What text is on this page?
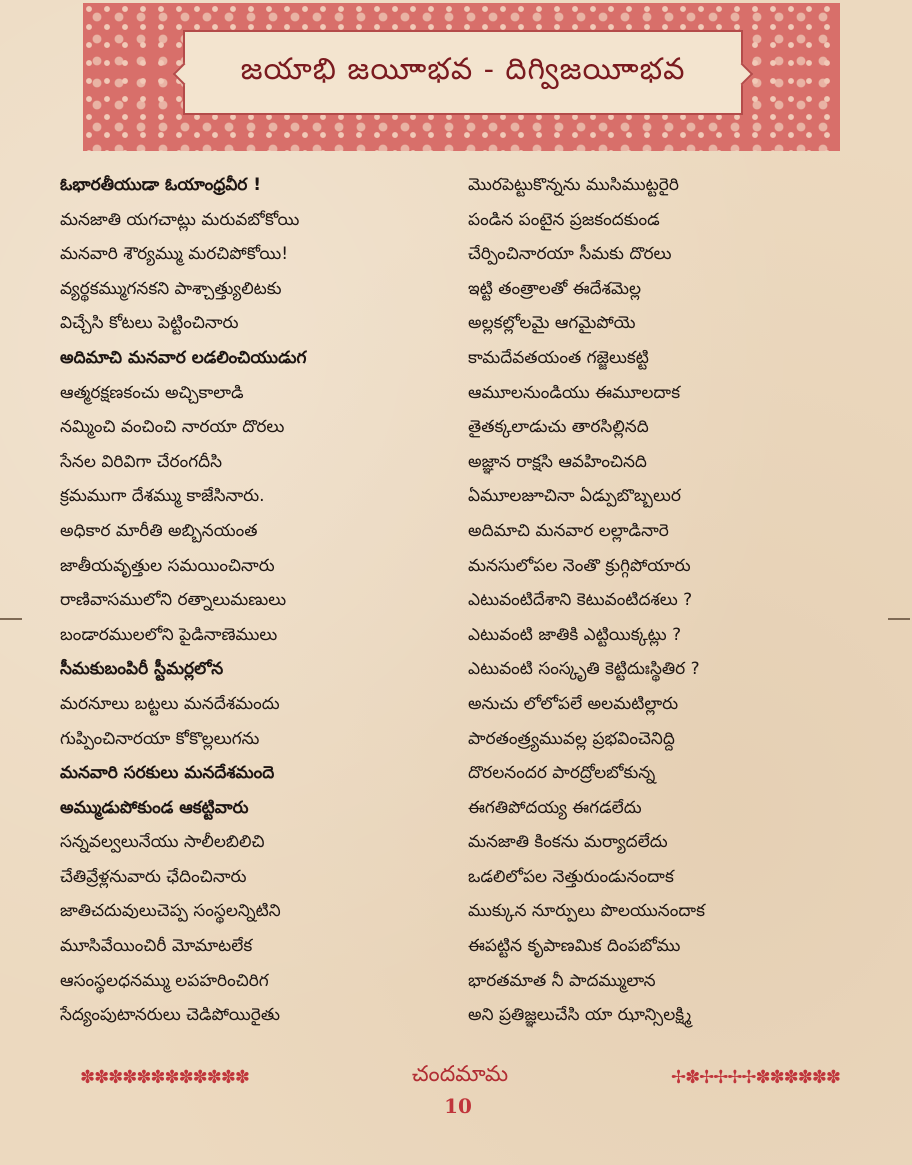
జయాభి జయీాభవ - దిగ్విజయీాభవ
ఓభారతీయుడా ఓయాంధ్రవీర !
మనజాతి యగచాట్లు మరువబోకోయి
మనవారి శౌర్యమ్ము మరచిపోకోయి!
వ్యర్థకమ్ముగనకని పాశ్చాత్త్యులిటకు
విచ్చేసి కోటలు పెట్టించినారు
అదిమాచి మనవార లడలించియుడుగ
ఆత్మరక్షణకంచు అచ్చికాలాడి
నమ్మించి వంచించి నారయా దొరలు
సేనల విరివిగా చేరంగదీసి
క్రమముగా దేశమ్ము కాజేసినారు.
అధికార మారీతి అబ్బినయంత
జాతీయవృత్తుల సమయించినారు
రాణివాసములోని రత్నాలుమణులు
బండారములలోని పైడినాణెములు
సీమకుబంపిరీ స్టీమర్లలోన
మరనూలు బట్టలు మనదేశమందు
గుప్పించినారయా కోకొల్లలుగను
మనవారి సరకులు మనదేశమందె
అమ్ముడుపోకుండ ఆకట్టివారు
సన్నవల్వలునేయు సాలీలబిలిచి
చేతివ్రేళ్లనువారు ఛేదించినారు
జాతిచదువులుచెప్ప సంస్థలన్నిటిని
మూసివేయించిరీ మోమాటలేక
ఆసంస్థలధనమ్ము లపహరించిరిగ
సేద్యంపుటానరులు చెడిపోయిరైతు
మొరపెట్టుకొన్నను ముసిముట్టరైరి
పండిన పంటైన ప్రజకందకుండ
చేర్పించినారయా సీమకు దొరలు
ఇట్టి తంత్రాలతో ఈదేశమెల్ల
అల్లకల్లోలమై ఆగమైపోయె
కామదేవతయంత గజ్జెలుకట్టి
ఆమూలనుండియు ఈమూలదాక
తైతక్కలాడుచు తారసిల్లినది
అజ్ఞాన రాక్షసి ఆవహించినది
ఏమూలజూచినా ఏడ్పుబొబ్బలుర
అదిమాచి మనవార లల్లాడినారె
మనసులోపల నెంతొ క్రుగ్గిపోయారు
ఎటువంటిదేశాని కెటువంటిదశలు ?
ఎటువంటి జాతికి ఎట్టియిక్కట్లు ?
ఎటువంటి సంస్కృతి కెట్టిదుఃస్థితిర ?
అనుచు లోలోపలే అలమటిల్లారు
పారతంత్ర్యమువల్ల ప్రభవించెనిద్ది
దొరలనందర పారద్రోలబోకున్న
ఈగతిపోదయ్య ఈగడలేదు
మనజాతి కింకను మర్యాదలేదు
ఒడలిలోపల నెత్తురుండునందాక
ముక్కున నూర్పులు పొలయునందాక
ఈపట్టిన కృపాణమిక దింపబోము
భారతమాత నీ పాదమ్ములాన
అని ప్రతిజ్ఞలుచేసి యా ఝాన్సిలక్ష్మి
✽✽✽✽✽✽✽✽✽✽✽✽	చందమామ	✢✽✢✢✢✢✽✽✽✽✽✽
10
